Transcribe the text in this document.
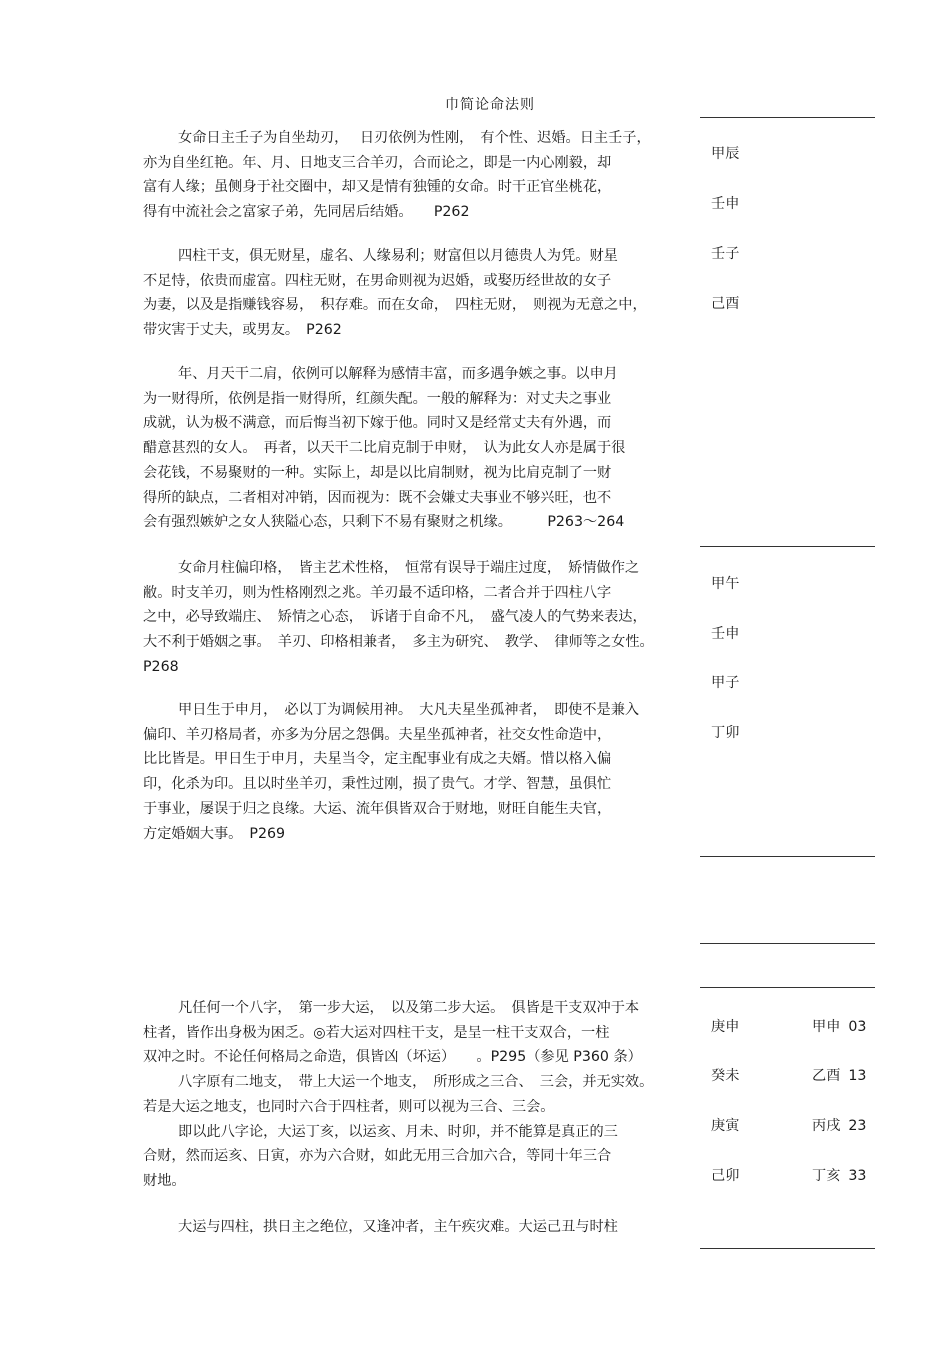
巾简论命法则
女命日主壬子为自坐劫刃，　 日刃依例为性刚，　有个性、迟婚。日主壬子，
亦为自坐红艳。年、月、日地支三合羊刃，合而论之，即是一内心刚毅，却
富有人缘；虽侧身于社交圈中，却又是情有独锺的女命。时干正官坐桃花，
得有中流社会之富家子弟，先同居后结婚。　　P262
四柱干支，俱无财星，虚名、人缘易利；财富但以月德贵人为凭。财星
不足恃，依贵而虚富。四柱无财，在男命则视为迟婚，或娶历经世故的女子
为妻，以及是指赚钱容易，　积存难。而在女命，　四柱无财，　则视为无意之中，
带灾害于丈夫，或男友。　P262
年、月天干二肩，依例可以解释为感情丰富，而多遇争嫉之事。以申月
为一财得所，依例是指一财得所，红颜失配。一般的解释为：对丈夫之事业
成就，认为极不满意，而后悔当初下嫁于他。同时又是经常丈夫有外遇，而
醋意甚烈的女人。　再者，以天干二比肩克制于申财，　认为此女人亦是属于很
会花钱，不易聚财的一种。实际上，却是以比肩制财，视为比肩克制了一财
得所的缺点，二者相对冲销，因而视为：既不会嫌丈夫事业不够兴旺，也不
会有强烈嫉妒之女人狭隘心态，只剩下不易有聚财之机缘。　　　P263～264
女命月柱偏印格，　皆主艺术性格，　恒常有误导于端庄过度，　矫情做作之
敝。时支羊刃，则为性格刚烈之兆。羊刃最不适印格，二者合并于四柱八字
之中，必导致端庄、　矫情之心态，　诉诸于自命不凡，　盛气凌人的气势来表达，
大不利于婚姻之事。　羊刃、印格相兼者，　多主为研究、　教学、　律师等之女性。
P268
甲日生于申月，　必以丁为调候用神。　大凡夫星坐孤神者，　即使不是兼入
偏印、羊刃格局者，亦多为分居之怨偶。夫星坐孤神者，社交女性命造中，
比比皆是。甲日生于申月，夫星当令，定主配事业有成之夫婿。惜以格入偏
印，化杀为印。且以时坐羊刃，秉性过刚，损了贵气。才学、智慧，虽俱忙
于事业，屡误于归之良缘。大运、流年俱皆双合于财地，财旺自能生夫官，
方定婚姻大事。　P269
凡任何一个八字，　第一步大运，　以及第二步大运。　俱皆是干支双冲于本
柱者，皆作出身极为困乏。◎若大运对四柱干支，是呈一柱干支双合，一柱
双冲之时。不论任何格局之命造，俱皆凶（坏运）　　。P295（参见 P360 条）
八字原有二地支，　带上大运一个地支，　所形成之三合、　三会，并无实效。
若是大运之地支，也同时六合于四柱者，则可以视为三合、三会。
即以此八字论，大运丁亥，以运亥、月未、时卯，并不能算是真正的三
合财，然而运亥、日寅，亦为六合财，如此无用三合加六合，等同十年三合
财地。
大运与四柱，拱日主之绝位，又逢冲者，主午疾灾难。大运己丑与时柱
甲辰
壬申
壬子
己酉
甲午
壬申
甲子
丁卯
庚申
癸未
庚寅
己卯
甲申 03
乙酉 13
丙戌 23
丁亥 33
